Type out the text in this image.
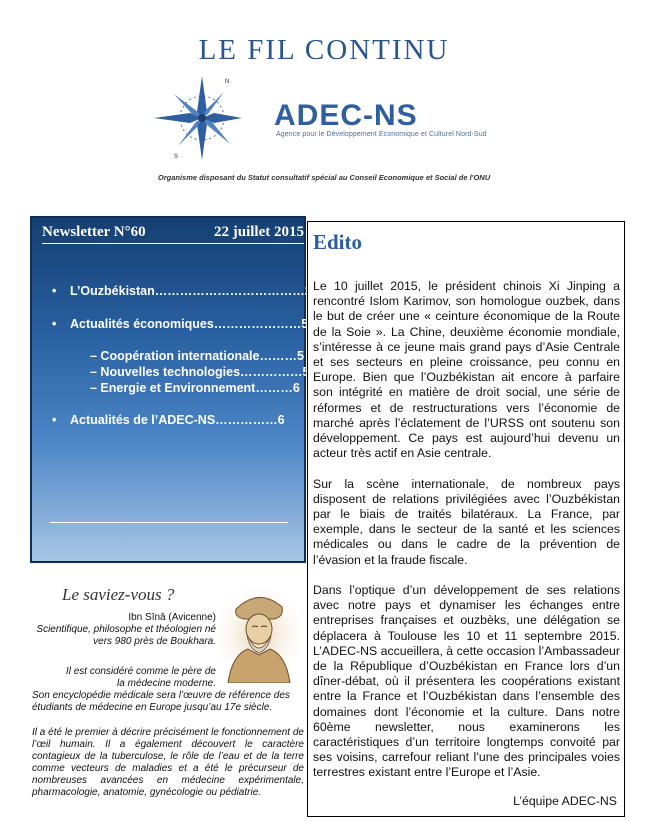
LE FIL CONTINU
N
S
ADEC-NS
Agence pour le Développement Economique et Culturel Nord-Sud
Organisme disposant du Statut consultatif spécial au Conseil Economique et Social de l'ONU
Newsletter N°60	22 juillet 2015
• L’Ouzbékistan………………………………2
• Actualités économiques…………………5
– Coopération internationale………5
– Nouvelles technologies……………5
– Energie et Environnement………6
• Actualités de l’ADEC-NS……………6
Le saviez-vous ?
Ibn Sīnā (Avicenne)
Scientifique, philosophe et théologien né vers 980 près de Boukhara.
Il est considéré comme le père de la médecine moderne.
Son encyclopédie médicale sera l’œuvre de référence des étudiants de médecine en Europe jusqu’au 17e siècle.
Il a été le premier à décrire précisément le fonctionnement de l’œil humain. Il a également découvert le caractère contagieux de la tuberculose, le rôle de l’eau et de la terre comme vecteurs de maladies et a été le précurseur de nombreuses avancées en médecine expérimentale, pharmacologie, anatomie, gynécologie ou pédiatrie.
Edito

Le 10 juillet 2015, le président chinois Xi Jinping a rencontré Islom Karimov, son homologue ouzbek, dans le but de créer une « ceinture économique de la Route de la Soie ». La Chine, deuxième économie mondiale, s’intéresse à ce jeune mais grand pays d’Asie Centrale et ses secteurs en pleine croissance, peu connu en Europe. Bien que l’Ouzbékistan ait encore à parfaire son intégrité en matière de droit social, une série de réformes et de restructurations vers l’économie de marché après l’éclatement de l’URSS ont soutenu son développement. Ce pays est aujourd’hui devenu un acteur très actif en Asie centrale.

Sur la scène internationale, de nombreux pays disposent de relations privilégiées avec l’Ouzbékistan par le biais de traités bilatéraux. La France, par exemple, dans le secteur de la santé et les sciences médicales ou dans le cadre de la prévention de l’évasion et la fraude fiscale.

Dans l’optique d’un développement de ses relations avec notre pays et dynamiser les échanges entre entreprises françaises et ouzbèks, une délégation se déplacera à Toulouse les 10 et 11 septembre 2015. L’ADEC-NS accueillera, à cette occasion l’Ambassadeur de la République d’Ouzbékistan en France lors d’un dîner-débat, où il présentera les coopérations existant entre la France et l’Ouzbékistan dans l’ensemble des domaines dont l’économie et la culture. Dans notre 60ème newsletter, nous examinerons les caractéristiques d’un territoire longtemps convoité par ses voisins, carrefour reliant l’une des principales voies terrestres existant entre l’Europe et l’Asie.

L’équipe ADEC-NS
